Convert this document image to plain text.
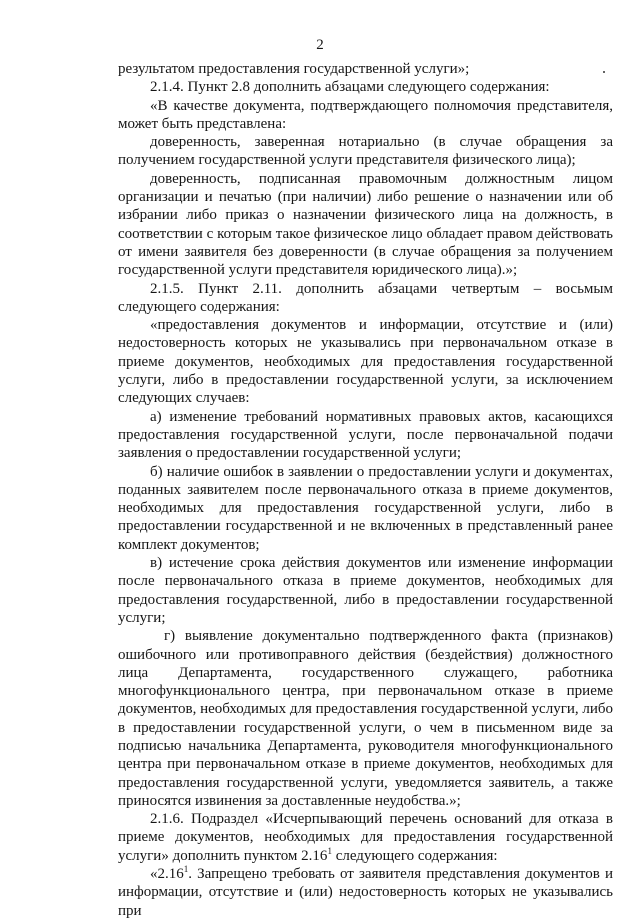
2

результатом предоставления государственной услуги»;

2.1.4. Пункт 2.8 дополнить абзацами следующего содержания:

«В качестве документа, подтверждающего полномочия представителя, может быть представлена:

доверенность, заверенная нотариально (в случае обращения за получением государственной услуги представителя физического лица);

доверенность, подписанная правомочным должностным лицом организации и печатью (при наличии) либо решение о назначении или об избрании либо приказ о назначении физического лица на должность, в соответствии с которым такое физическое лицо обладает правом действовать от имени заявителя без доверенности (в случае обращения за получением государственной услуги представителя юридического лица).»;

2.1.5. Пункт 2.11. дополнить абзацами четвертым – восьмым следующего содержания:

«предоставления документов и информации, отсутствие и (или) недостоверность которых не указывались при первоначальном отказе в приеме документов, необходимых для предоставления государственной услуги, либо в предоставлении государственной услуги, за исключением следующих случаев:

а) изменение требований нормативных правовых актов, касающихся предоставления государственной услуги, после первоначальной подачи заявления о предоставлении государственной услуги;

б) наличие ошибок в заявлении о предоставлении услуги и документах, поданных заявителем после первоначального отказа в приеме документов, необходимых для предоставления государственной услуги, либо в предоставлении государственной и не включенных в представленный ранее комплект документов;

в) истечение срока действия документов или изменение информации после первоначального отказа в приеме документов, необходимых для предоставления государственной, либо в предоставлении государственной услуги;

г) выявление документально подтвержденного факта (признаков) ошибочного или противоправного действия (бездействия) должностного лица Департамента, государственного служащего, работника многофункционального центра, при первоначальном отказе в приеме документов, необходимых для предоставления государственной услуги, либо в предоставлении государственной услуги, о чем в письменном виде за подписью начальника Департамента, руководителя многофункционального центра при первоначальном отказе в приеме документов, необходимых для предоставления государственной услуги, уведомляется заявитель, а также приносятся извинения за доставленные неудобства.»;

2.1.6. Подраздел «Исчерпывающий перечень оснований для отказа в приеме документов, необходимых для предоставления государственной услуги» дополнить пунктом 2.16$^1$ следующего содержания:

«2.16$^1$. Запрещено требовать от заявителя представления документов и информации, отсутствие и (или) недостоверность которых не указывались при
